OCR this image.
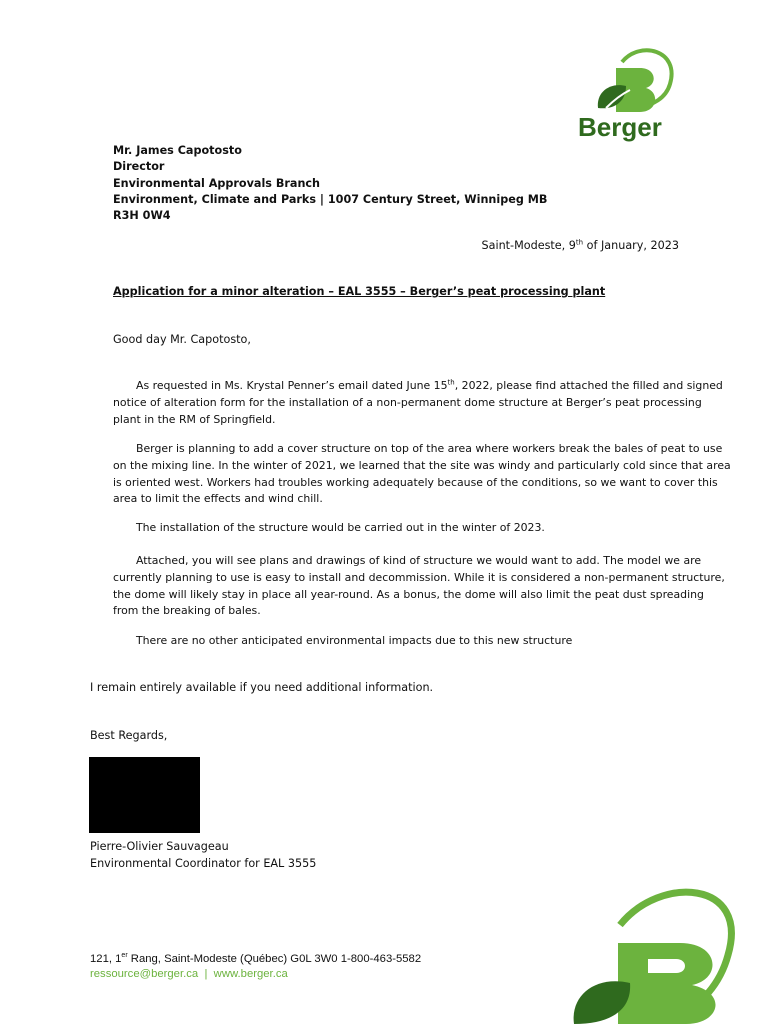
Berger
Mr. James Capotosto
Director
Environmental Approvals Branch
Environment, Climate and Parks | 1007 Century Street, Winnipeg MB
R3H 0W4
Saint-Modeste, 9th of January, 2023
Application for a minor alteration – EAL 3555 – Berger’s peat processing plant
Good day Mr. Capotosto,
As requested in Ms. Krystal Penner’s email dated June 15th, 2022, please find attached the filled and signed
notice of alteration form for the installation of a non-permanent dome structure at Berger’s peat processing
plant in the RM of Springfield.
Berger is planning to add a cover structure on top of the area where workers break the bales of peat to use
on the mixing line. In the winter of 2021, we learned that the site was windy and particularly cold since that area
is oriented west. Workers had troubles working adequately because of the conditions, so we want to cover this
area to limit the effects and wind chill.
The installation of the structure would be carried out in the winter of 2023.
Attached, you will see plans and drawings of kind of structure we would want to add. The model we are
currently planning to use is easy to install and decommission. While it is considered a non-permanent structure,
the dome will likely stay in place all year-round. As a bonus, the dome will also limit the peat dust spreading
from the breaking of bales.
There are no other anticipated environmental impacts due to this new structure
I remain entirely available if you need additional information.
Best Regards,
Pierre-Olivier Sauvageau
Environmental Coordinator for EAL 3555
121, 1er Rang, Saint-Modeste (Québec) G0L 3W0 1-800-463-5582
ressource@berger.ca | www.berger.ca
